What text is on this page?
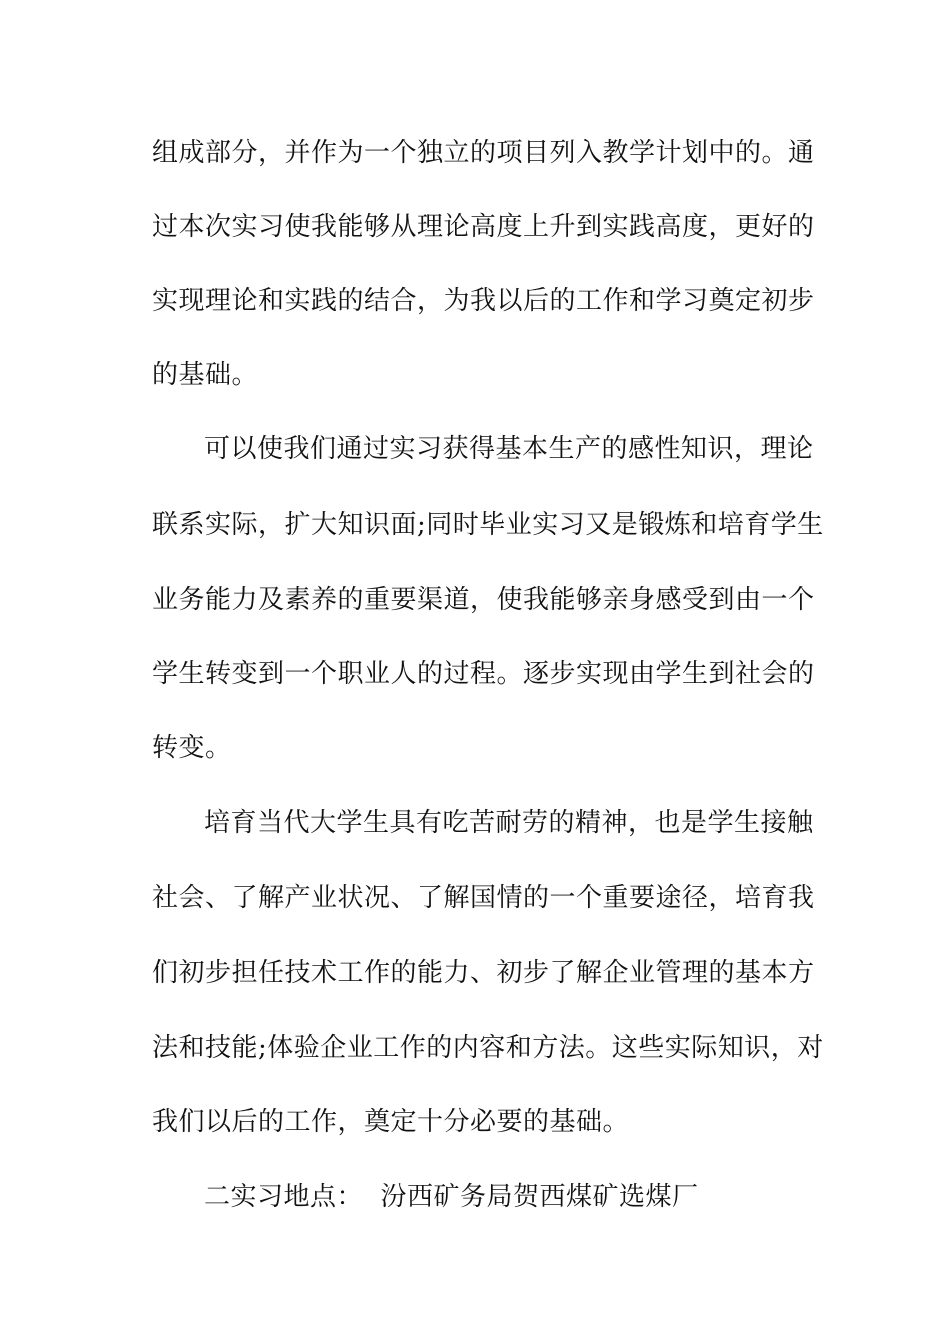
组成部分，并作为一个独立的项目列入教学计划中的。通
过本次实习使我能够从理论高度上升到实践高度，更好的
实现理论和实践的结合，为我以后的工作和学习奠定初步
的基础。
可以使我们通过实习获得基本生产的感性知识，理论
联系实际，扩大知识面;同时毕业实习又是锻炼和培育学生
业务能力及素养的重要渠道，使我能够亲身感受到由一个
学生转变到一个职业人的过程。逐步实现由学生到社会的
转变。
培育当代大学生具有吃苦耐劳的精神，也是学生接触
社会、了解产业状况、了解国情的一个重要途径，培育我
们初步担任技术工作的能力、初步了解企业管理的基本方
法和技能;体验企业工作的内容和方法。这些实际知识，对
我们以后的工作，奠定十分必要的基础。
二实习地点：  汾西矿务局贺西煤矿选煤厂
